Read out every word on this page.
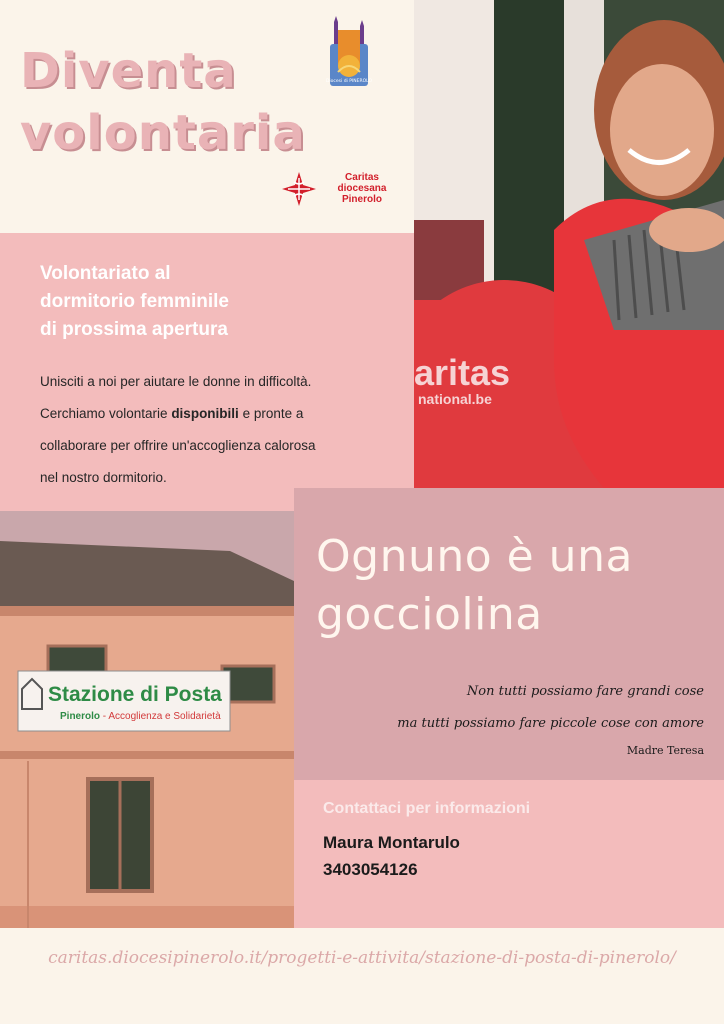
Diventa
volontaria
Diocesi di PINEROLO
Caritas
diocesana
Pinerolo
aritas
national.be
Volontariato al
dormitorio femminile
di prossima apertura
Unisciti a noi per aiutare le donne in difficoltà.
Cerchiamo volontarie disponibili e pronte a
collaborare per offrire un'accoglienza calorosa
nel nostro dormitorio.
Stazione di Posta
Pinerolo - Accoglienza e Solidarietà
Ognuno è una
gocciolina
Non tutti possiamo fare grandi cose
ma tutti possiamo fare piccole cose con amore
Madre Teresa
Contattaci per informazioni
Maura Montarulo
3403054126
caritas.diocesipinerolo.it/progetti-e-attivita/stazione-di-posta-di-pinerolo/
